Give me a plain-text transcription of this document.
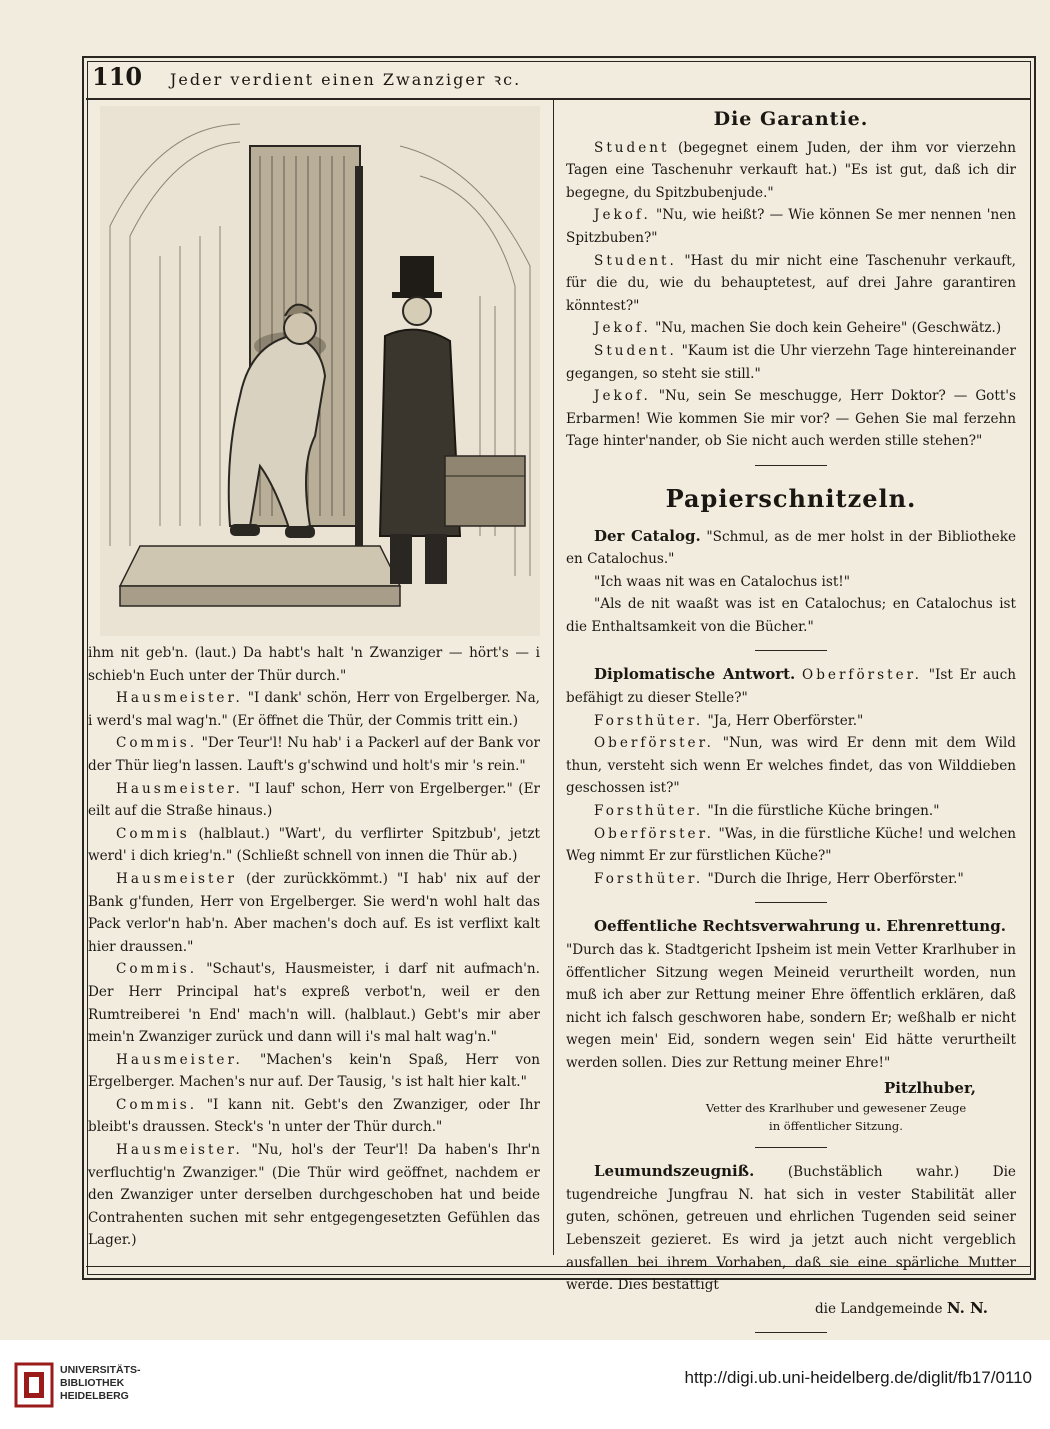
110 Jeder verdient einen Zwanziger ꝛc.

ihm nit geb'n. (laut.) Da habt's halt 'n Zwanziger — hört's — i schieb'n Euch unter der Thür durch."

Hausmeister. "I dank' schön, Herr von Ergelberger. Na, i werd's mal wag'n." (Er öffnet die Thür, der Commis tritt ein.)

Commis. "Der Teur'l! Nu hab' i a Packerl auf der Bank vor der Thür lieg'n lassen. Lauft's g'schwind und holt's mir 's rein."

Hausmeister. "I lauf' schon, Herr von Ergelberger." (Er eilt auf die Straße hinaus.)

Commis (halblaut.) "Wart', du verflirter Spitzbub', jetzt werd' i dich krieg'n." (Schließt schnell von innen die Thür ab.)

Hausmeister (der zurückkömmt.) "I hab' nix auf der Bank g'funden, Herr von Ergelberger. Sie werd'n wohl halt das Pack verlor'n hab'n. Aber machen's doch auf. Es ist verflixt kalt hier draussen."

Commis. "Schaut's, Hausmeister, i darf nit aufmach'n. Der Herr Principal hat's expreß verbot'n, weil er den Rumtreiberei 'n End' mach'n will. (halblaut.) Gebt's mir aber mein'n Zwanziger zurück und dann will i's mal halt wag'n."

Hausmeister. "Machen's kein'n Spaß, Herr von Ergelberger. Machen's nur auf. Der Tausig, 's ist halt hier kalt."

Commis. "I kann nit. Gebt's den Zwanziger, oder Ihr bleibt's draussen. Steck's 'n unter der Thür durch."

Hausmeister. "Nu, hol's der Teur'l! Da haben's Ihr'n verfluchtig'n Zwanziger." (Die Thür wird geöffnet, nachdem er den Zwanziger unter derselben durchgeschoben hat und beide Contrahenten suchen mit sehr entgegengesetzten Gefühlen das Lager.)

Die Garantie.

Student (begegnet einem Juden, der ihm vor vierzehn Tagen eine Taschenuhr verkauft hat.) "Es ist gut, daß ich dir begegne, du Spitzbubenjude."

Jekof. "Nu, wie heißt? — Wie können Se mer nennen 'nen Spitzbuben?"

Student. "Hast du mir nicht eine Taschenuhr verkauft, für die du, wie du behauptetest, auf drei Jahre garantiren könntest?"

Jekof. "Nu, machen Sie doch kein Geheire" (Geschwätz.)

Student. "Kaum ist die Uhr vierzehn Tage hintereinander gegangen, so steht sie still."

Jekof. "Nu, sein Se meschugge, Herr Doktor? — Gott's Erbarmen! Wie kommen Sie mir vor? — Gehen Sie mal ferzehn Tage hinter'nander, ob Sie nicht auch werden stille stehen?"

Papierschnitzeln.

Der Catalog. "Schmul, as de mer holst in der Bibliotheke en Catalochus."

"Ich waas nit was en Catalochus ist!"

"Als de nit waaßt was ist en Catalochus; en Catalochus ist die Enthaltsamkeit von die Bücher."

Diplomatische Antwort. Oberförster. "Ist Er auch befähigt zu dieser Stelle?"

Forsthüter. "Ja, Herr Oberförster."

Oberförster. "Nun, was wird Er denn mit dem Wild thun, versteht sich wenn Er welches findet, das von Wilddieben geschossen ist?"

Forsthüter. "In die fürstliche Küche bringen."

Oberförster. "Was, in die fürstliche Küche! und welchen Weg nimmt Er zur fürstlichen Küche?"

Forsthüter. "Durch die Ihrige, Herr Oberförster."

Oeffentliche Rechtsverwahrung u. Ehrenrettung.

"Durch das k. Stadtgericht Ipsheim ist mein Vetter Krarlhuber in öffentlicher Sitzung wegen Meineid verurtheilt worden, nun muß ich aber zur Rettung meiner Ehre öffentlich erklären, daß nicht ich falsch geschworen habe, sondern Er; weßhalb er nicht wegen mein' Eid, sondern wegen sein' Eid hätte verurtheilt werden sollen. Dies zur Rettung meiner Ehre!"

Pitzlhuber,
Vetter des Krarlhuber und gewesener Zeuge
in öffentlicher Sitzung.

Leumundszeugniß. (Buchstäblich wahr.) Die tugendreiche Jungfrau N. hat sich in vester Stabilität aller guten, schönen, getreuen und ehrlichen Tugenden seid seiner Lebenszeit gezieret. Es wird ja jetzt auch nicht vergeblich ausfallen bei ihrem Vorhaben, daß sie eine spärliche Mutter werde. Dies bestättigt

die Landgemeinde N. N.
UNIVERSITÄTS-
BIBLIOTHEK
HEIDELBERG
http://digi.ub.uni-heidelberg.de/diglit/fb17/0110
